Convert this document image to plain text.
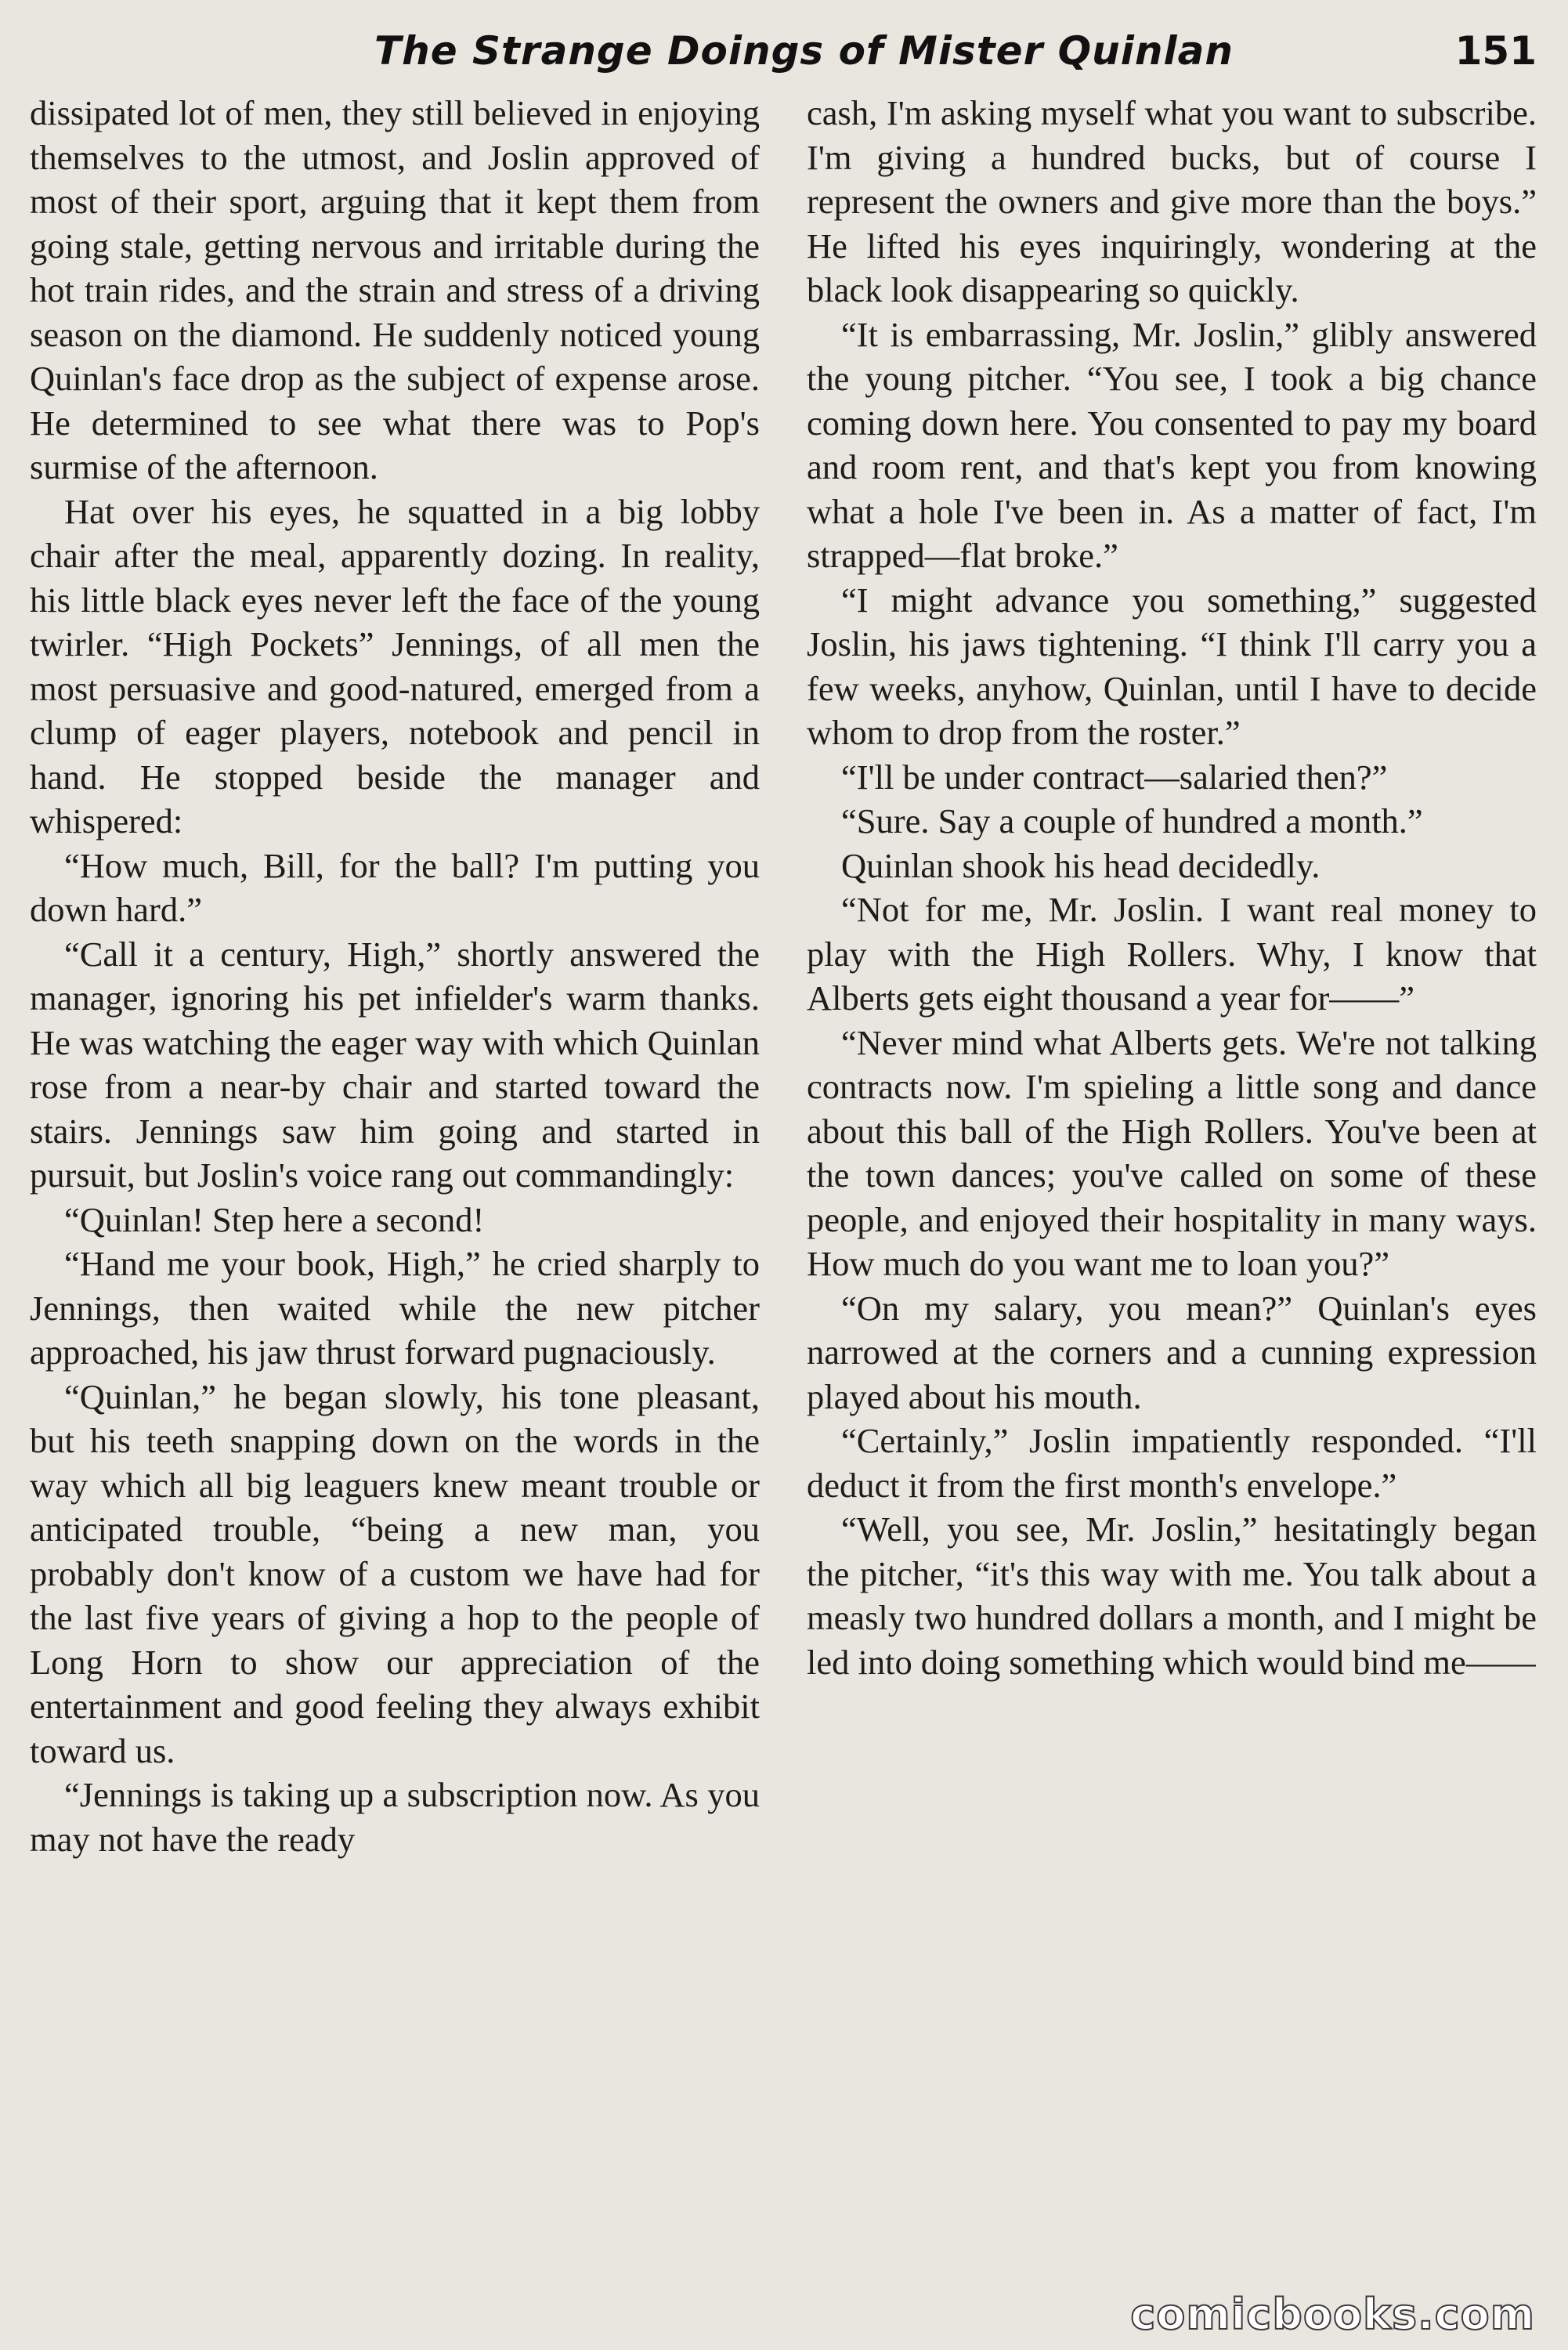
The Strange Doings of Mister Quinlan	151

dissipated lot of men, they still believed in enjoying themselves to the utmost, and Joslin approved of most of their sport, arguing that it kept them from going stale, getting nervous and irritable during the hot train rides, and the strain and stress of a driving season on the diamond. He suddenly noticed young Quinlan's face drop as the subject of expense arose. He determined to see what there was to Pop's surmise of the afternoon.

Hat over his eyes, he squatted in a big lobby chair after the meal, apparently dozing. In reality, his little black eyes never left the face of the young twirler. “High Pockets” Jennings, of all men the most persuasive and good-natured, emerged from a clump of eager players, notebook and pencil in hand. He stopped beside the manager and whispered:

“How much, Bill, for the ball? I'm putting you down hard.”

“Call it a century, High,” shortly answered the manager, ignoring his pet infielder's warm thanks. He was watching the eager way with which Quinlan rose from a near-by chair and started toward the stairs. Jennings saw him going and started in pursuit, but Joslin's voice rang out commandingly:

“Quinlan! Step here a second!

“Hand me your book, High,” he cried sharply to Jennings, then waited while the new pitcher approached, his jaw thrust forward pugnaciously.

“Quinlan,” he began slowly, his tone pleasant, but his teeth snapping down on the words in the way which all big leaguers knew meant trouble or anticipated trouble, “being a new man, you probably don't know of a custom we have had for the last five years of giving a hop to the people of Long Horn to show our appreciation of the entertainment and good feeling they always exhibit toward us.

“Jennings is taking up a subscription now. As you may not have the ready

cash, I'm asking myself what you want to subscribe. I'm giving a hundred bucks, but of course I represent the owners and give more than the boys.” He lifted his eyes inquiringly, wondering at the black look disappearing so quickly.

“It is embarrassing, Mr. Joslin,” glibly answered the young pitcher. “You see, I took a big chance coming down here. You consented to pay my board and room rent, and that's kept you from knowing what a hole I've been in. As a matter of fact, I'm strapped—flat broke.”

“I might advance you something,” suggested Joslin, his jaws tightening. “I think I'll carry you a few weeks, anyhow, Quinlan, until I have to decide whom to drop from the roster.”

“I'll be under contract—salaried then?”

“Sure. Say a couple of hundred a month.”

Quinlan shook his head decidedly.

“Not for me, Mr. Joslin. I want real money to play with the High Rollers. Why, I know that Alberts gets eight thousand a year for——”

“Never mind what Alberts gets. We're not talking contracts now. I'm spieling a little song and dance about this ball of the High Rollers. You've been at the town dances; you've called on some of these people, and enjoyed their hospitality in many ways. How much do you want me to loan you?”

“On my salary, you mean?” Quinlan's eyes narrowed at the corners and a cunning expression played about his mouth.

“Certainly,” Joslin impatiently responded. “I'll deduct it from the first month's envelope.”

“Well, you see, Mr. Joslin,” hesitatingly began the pitcher, “it's this way with me. You talk about a measly two hundred dollars a month, and I might be led into doing something which would bind me——

comicbooks.com
